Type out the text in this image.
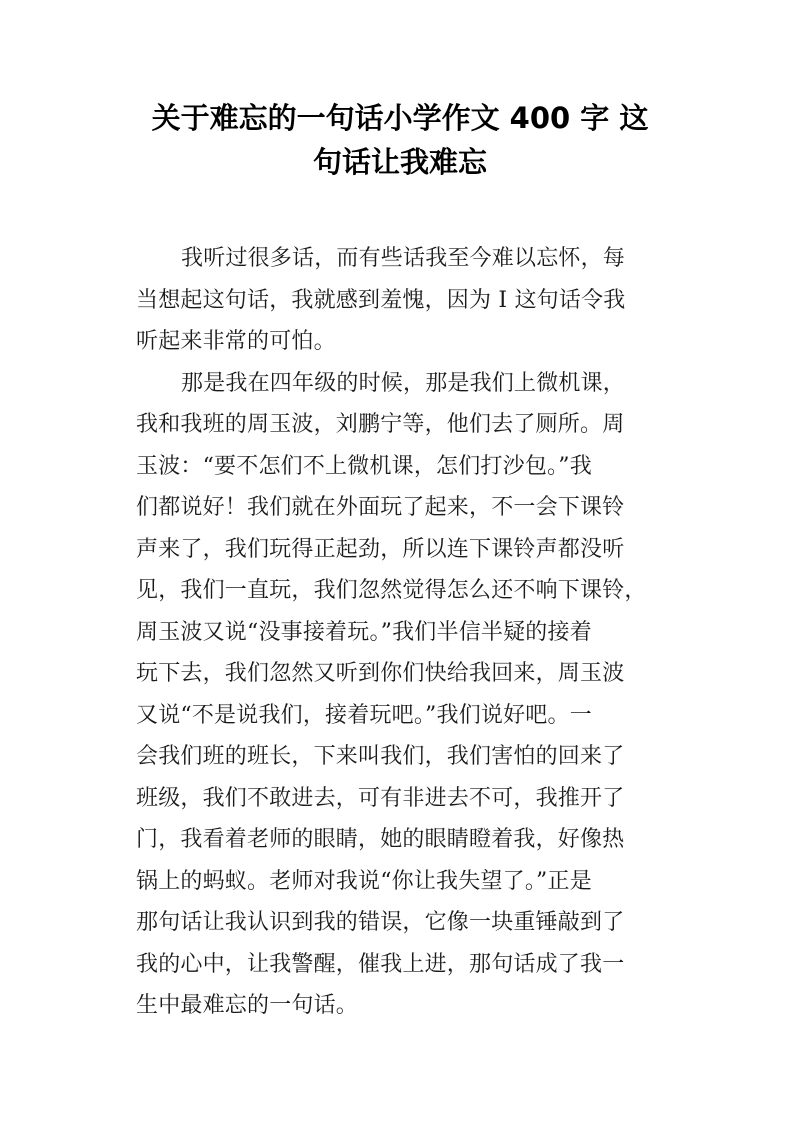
关于难忘的一句话小学作文 400 字 这
句话让我难忘

我听过很多话，而有些话我至今难以忘怀，每
当想起这句话，我就感到羞愧，因为 I 这句话令我
听起来非常的可怕。

那是我在四年级的时候，那是我们上微机课，
我和我班的周玉波，刘鹏宁等，他们去了厕所。周
玉波：“要不怎们不上微机课，怎们打沙包。”我
们都说好！我们就在外面玩了起来，不一会下课铃
声来了，我们玩得正起劲，所以连下课铃声都没听
见，我们一直玩，我们忽然觉得怎么还不响下课铃，
周玉波又说“没事接着玩。”我们半信半疑的接着
玩下去，我们忽然又听到你们快给我回来，周玉波
又说“不是说我们，接着玩吧。”我们说好吧。一
会我们班的班长，下来叫我们，我们害怕的回来了
班级，我们不敢进去，可有非进去不可，我推开了
门，我看着老师的眼睛，她的眼睛瞪着我，好像热
锅上的蚂蚁。老师对我说“你让我失望了。”正是
那句话让我认识到我的错误，它像一块重锤敲到了
我的心中，让我警醒，催我上进，那句话成了我一
生中最难忘的一句话。
